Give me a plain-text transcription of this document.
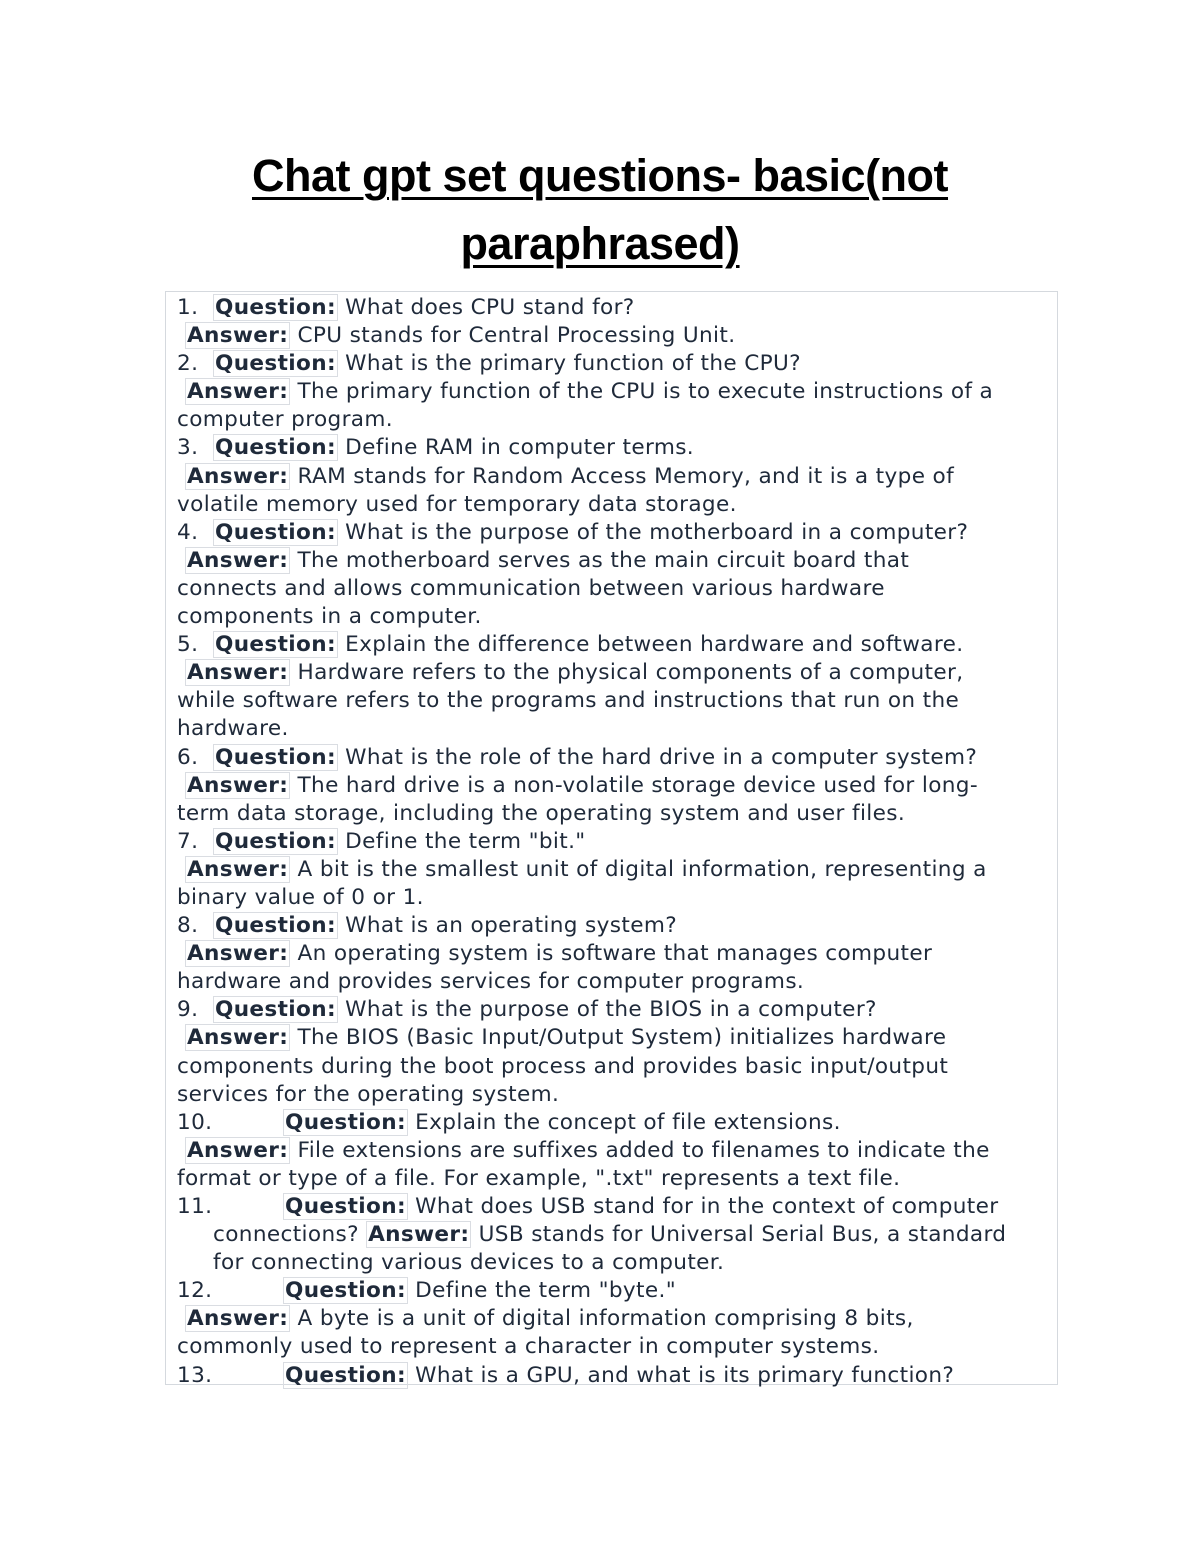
Chat gpt set questions- basic(not
paraphrased)
1. Question: What does CPU stand for?
Answer: CPU stands for Central Processing Unit.
2. Question: What is the primary function of the CPU?
Answer: The primary function of the CPU is to execute instructions of a
computer program.
3. Question: Define RAM in computer terms.
Answer: RAM stands for Random Access Memory, and it is a type of
volatile memory used for temporary data storage.
4. Question: What is the purpose of the motherboard in a computer?
Answer: The motherboard serves as the main circuit board that
connects and allows communication between various hardware
components in a computer.
5. Question: Explain the difference between hardware and software.
Answer: Hardware refers to the physical components of a computer,
while software refers to the programs and instructions that run on the
hardware.
6. Question: What is the role of the hard drive in a computer system?
Answer: The hard drive is a non-volatile storage device used for long-
term data storage, including the operating system and user files.
7. Question: Define the term "bit."
Answer: A bit is the smallest unit of digital information, representing a
binary value of 0 or 1.
8. Question: What is an operating system?
Answer: An operating system is software that manages computer
hardware and provides services for computer programs.
9. Question: What is the purpose of the BIOS in a computer?
Answer: The BIOS (Basic Input/Output System) initializes hardware
components during the boot process and provides basic input/output
services for the operating system.
10.	Question: Explain the concept of file extensions.
Answer: File extensions are suffixes added to filenames to indicate the
format or type of a file. For example, ".txt" represents a text file.
11.	Question: What does USB stand for in the context of computer
connections? Answer: USB stands for Universal Serial Bus, a standard
for connecting various devices to a computer.
12.	Question: Define the term "byte."
Answer: A byte is a unit of digital information comprising 8 bits,
commonly used to represent a character in computer systems.
13.	Question: What is a GPU, and what is its primary function?
